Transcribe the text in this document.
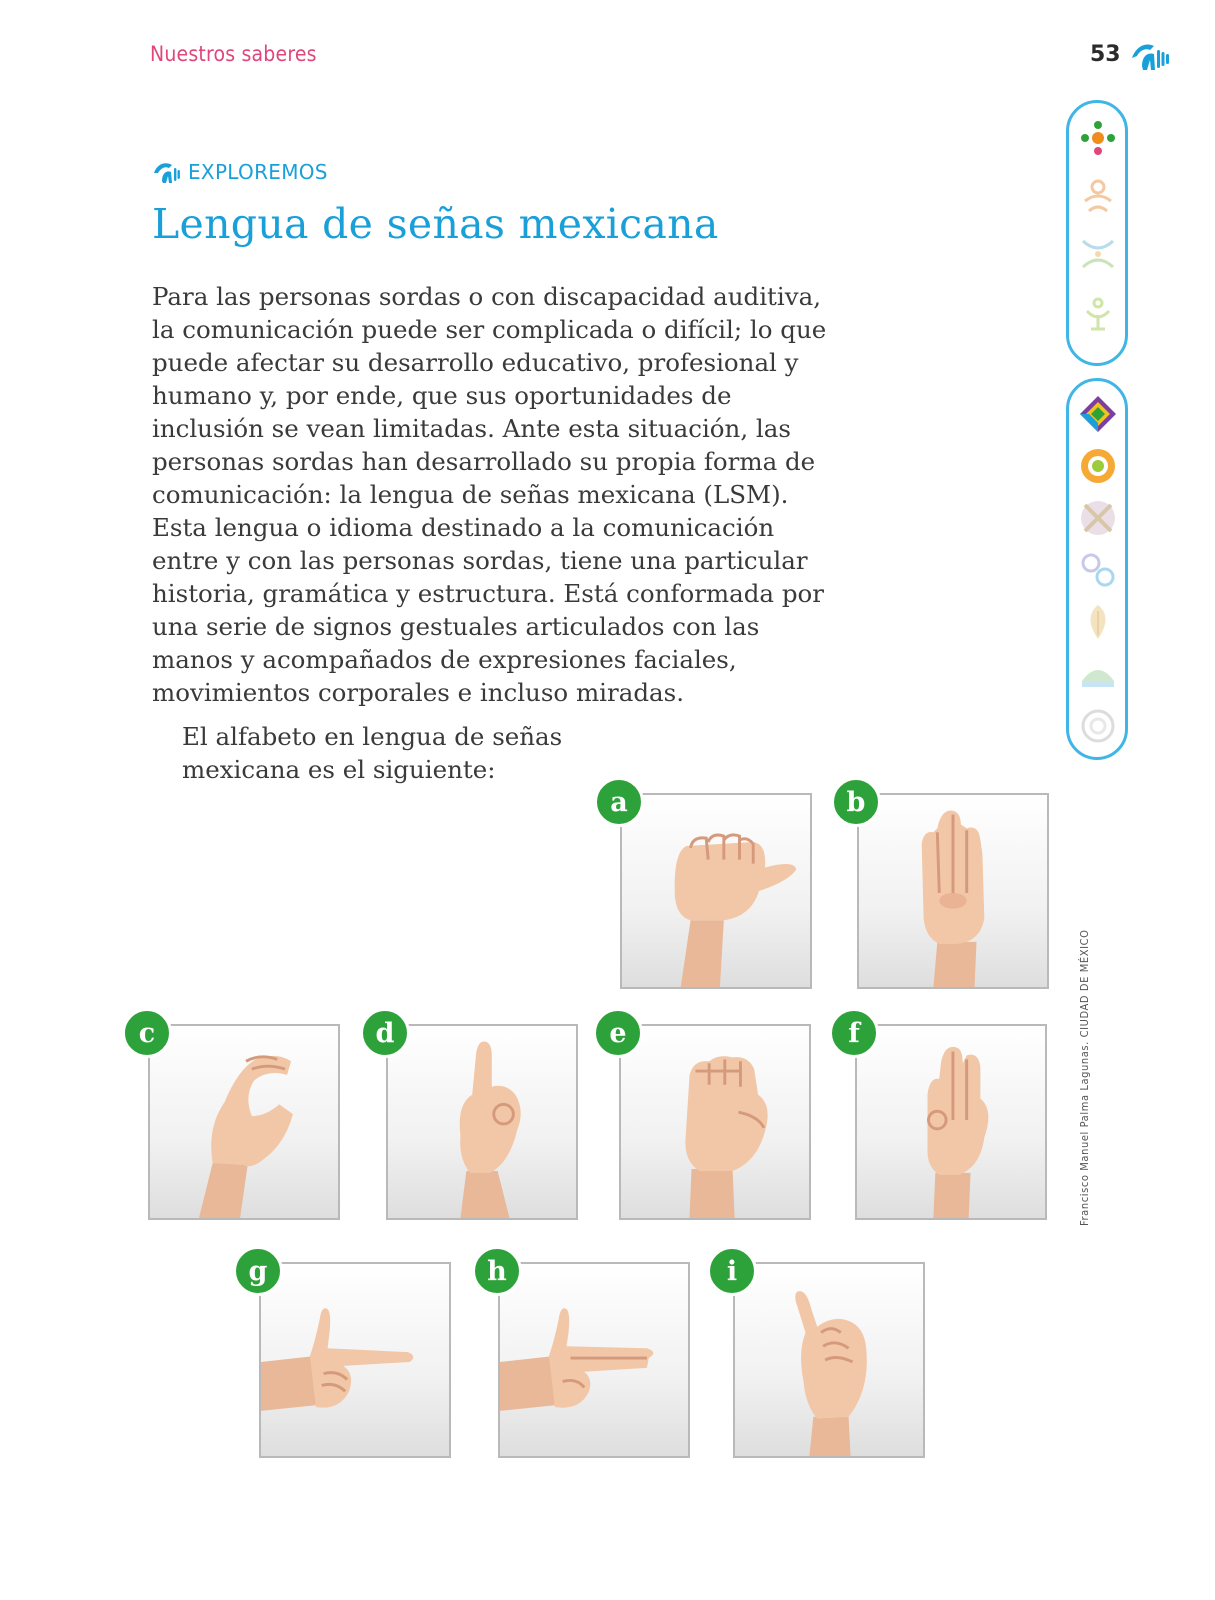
Nuestros saberes	53
EXPLOREMOS
Lengua de señas mexicana

Para las personas sordas o con discapacidad auditiva, la comunicación puede ser complicada o difícil; lo que puede afectar su desarrollo educativo, profesional y humano y, por ende, que sus oportunidades de inclusión se vean limitadas. Ante esta situación, las personas sordas han desarrollado su propia forma de comunicación: la lengua de señas mexicana (LSM). Esta lengua o idioma destinado a la comunicación entre y con las personas sordas, tiene una particular historia, gramática y estructura. Está conformada por una serie de signos gestuales articulados con las manos y acompañados de expresiones faciales, movimientos corporales e incluso miradas.

El alfabeto en lengua de señas mexicana es el siguiente:

a	b
c	d	e	f
g	h	i
Francisco Manuel Palma Lagunas. CIUDAD DE MÉXICO
